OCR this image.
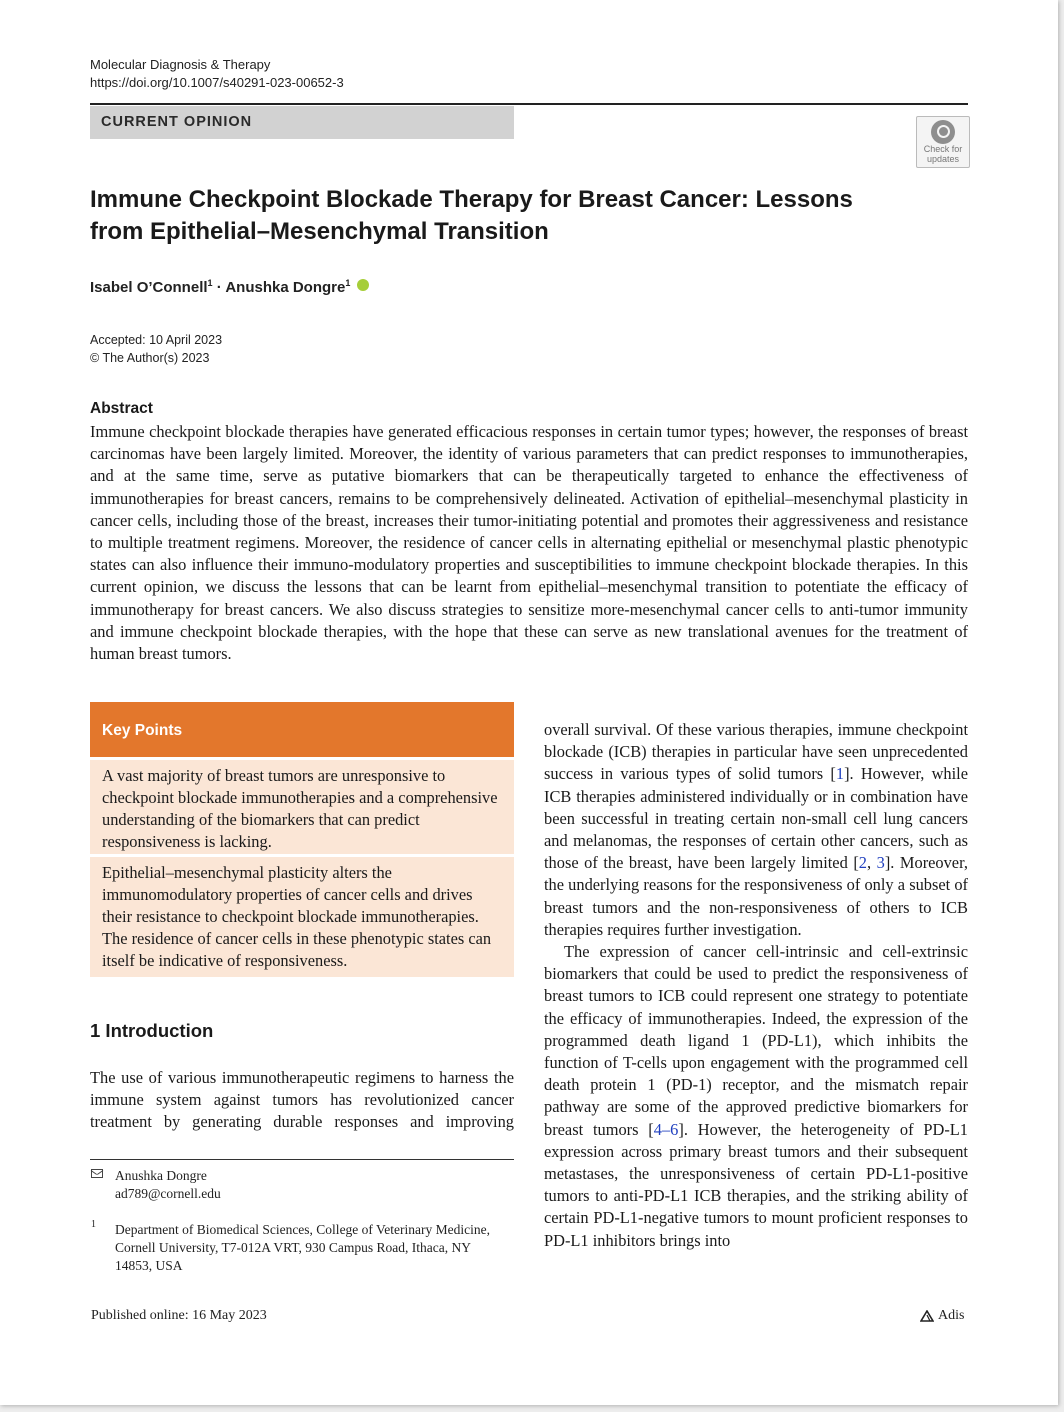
Molecular Diagnosis & Therapy
https://doi.org/10.1007/s40291-023-00652-3
CURRENT OPINION
Check for
updates
Immune Checkpoint Blockade Therapy for Breast Cancer: Lessons
from Epithelial–Mesenchymal Transition
Isabel O’Connell$^1$ · Anushka Dongre$^1$
Accepted: 10 April 2023
© The Author(s) 2023
Abstract
Immune checkpoint blockade therapies have generated efficacious responses in certain tumor types; however, the responses of breast carcinomas have been largely limited. Moreover, the identity of various parameters that can predict responses to immunotherapies, and at the same time, serve as putative biomarkers that can be therapeutically targeted to enhance the effectiveness of immunotherapies for breast cancers, remains to be comprehensively delineated. Activation of epithelial–mesenchymal plasticity in cancer cells, including those of the breast, increases their tumor-initiating potential and promotes their aggressiveness and resistance to multiple treatment regimens. Moreover, the residence of cancer cells in alternating epithelial or mesenchymal plastic phenotypic states can also influence their immuno-modulatory properties and susceptibilities to immune checkpoint blockade therapies. In this current opinion, we discuss the lessons that can be learnt from epithelial–mesenchymal transition to potentiate the efficacy of immunotherapy for breast cancers. We also discuss strategies to sensitize more-mesenchymal cancer cells to anti-tumor immunity and immune checkpoint blockade therapies, with the hope that these can serve as new translational avenues for the treatment of human breast tumors.
Key Points
A vast majority of breast tumors are unresponsive to checkpoint blockade immunotherapies and a comprehensive understanding of the biomarkers that can predict responsiveness is lacking.
Epithelial–mesenchymal plasticity alters the immunomodulatory properties of cancer cells and drives their resistance to checkpoint blockade immunotherapies. The residence of cancer cells in these phenotypic states can itself be indicative of responsiveness.
1 Introduction
The use of various immunotherapeutic regimens to harness the immune system against tumors has revolutionized cancer treatment by generating durable responses and improving
Anushka Dongre
ad789@cornell.edu
1 Department of Biomedical Sciences, College of Veterinary Medicine, Cornell University, T7-012A VRT, 930 Campus Road, Ithaca, NY 14853, USA

overall survival. Of these various therapies, immune checkpoint blockade (ICB) therapies in particular have seen unprecedented success in various types of solid tumors [1]. However, while ICB therapies administered individually or in combination have been successful in treating certain non-small cell lung cancers and melanomas, the responses of certain other cancers, such as those of the breast, have been largely limited [2, 3]. Moreover, the underlying reasons for the responsiveness of only a subset of breast tumors and the non-responsiveness of others to ICB therapies requires further investigation.

The expression of cancer cell-intrinsic and cell-extrinsic biomarkers that could be used to predict the responsiveness of breast tumors to ICB could represent one strategy to potentiate the efficacy of immunotherapies. Indeed, the expression of the programmed death ligand 1 (PD-L1), which inhibits the function of T-cells upon engagement with the programmed cell death protein 1 (PD-1) receptor, and the mismatch repair pathway are some of the approved predictive biomarkers for breast tumors [4–6]. However, the heterogeneity of PD-L1 expression across primary breast tumors and their subsequent metastases, the unresponsiveness of certain PD-L1-positive tumors to anti-PD-L1 ICB therapies, and the striking ability of certain PD-L1-negative tumors to mount proficient responses to PD-L1 inhibitors brings into

Published online: 16 May 2023	Adis
